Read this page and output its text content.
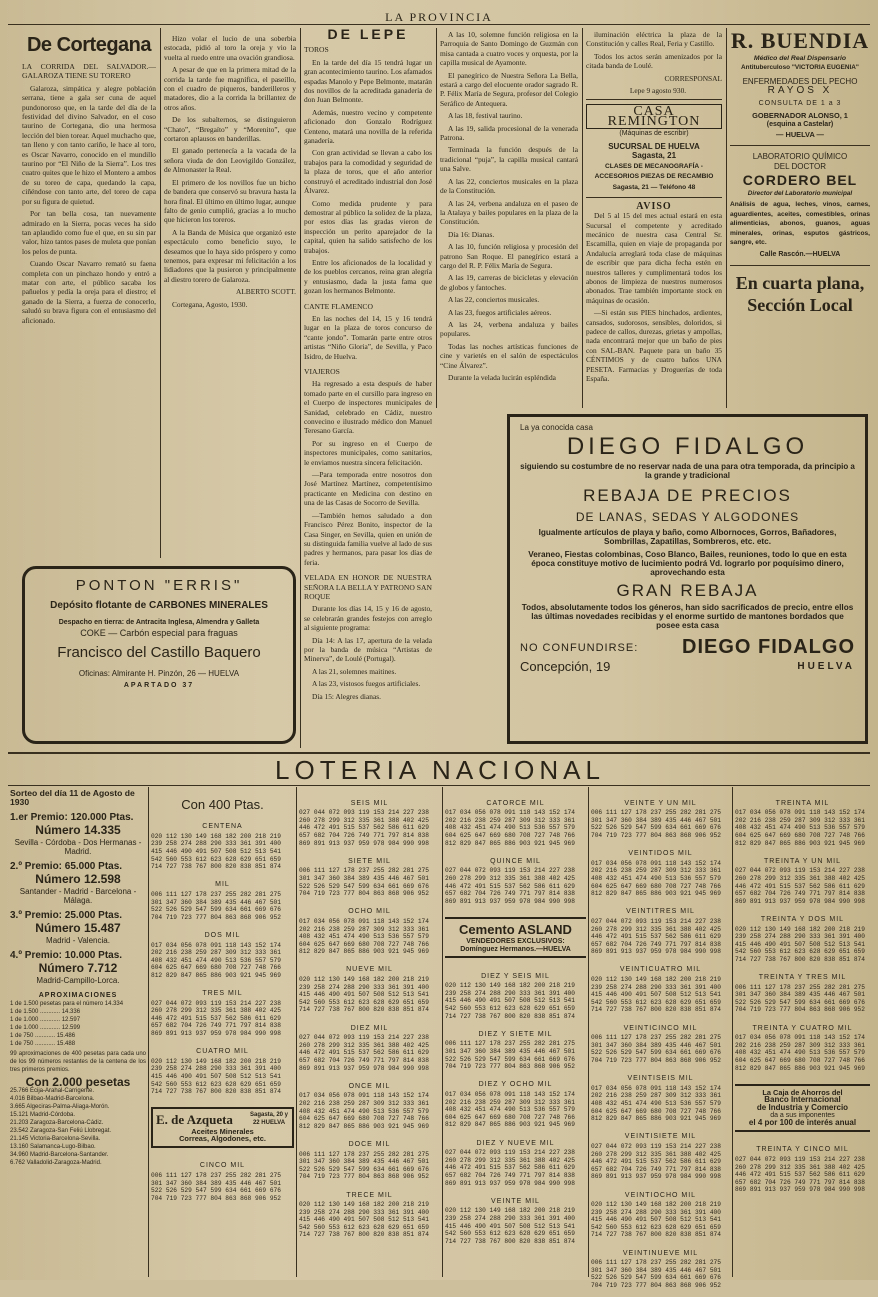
LA PROVINCIA
De Cortegana

LA CORRIDA DEL SALVADOR.— GALAROZA TIENE SU TORERO

Galaroza, simpática y alegre población serrana, tiene a gala ser cuna de aquel pundonoroso que, en la tarde del día de la festividad del divino Salvador, en el coso taurino de Cortegana, dio una hermosa lección del bien torear. Aquel muchacho que, tan lleno y con tanto cariño, le hace al toro, es Oscar Navarro, conocido en el mundillo taurino por “El Niño de la Sierra”. Los tres cuatro quites que le hizo el Montero a ambos de su toreo de capa, quedando la capa, ciñéndose con tanto arte, del toreo de capa por su figura de quietud.

Por tan bella cosa, tan nuevamente admirado en la Sierra, pocas veces ha sido tan aplaudido como fue el que, en su sin par valor, hizo tantos pases de muleta que ponían los pelos de punta.

Cuando Oscar Navarro remató su faena completa con un pinchazo hondo y entró a matar con arte, el público sacaba los pañuelos y pedía la oreja para el diestro; el ganado de la Sierra, a fuerza de conocerlo, saludó su brava figura con el entusiasmo del aficionado.

Hizo volar el lucio de una soberbia estocada, pidió al toro la oreja y vio la vuelta al ruedo entre una ovación grandiosa.

A pesar de que en la primera mitad de la corrida la tarde fue magnífica, el paseíllo, con el cuadro de piqueros, banderilleros y matadores, dio a la corrida la brillantez de otros años.

De los subalternos, se distinguieron “Chato”, “Bregaíto” y “Morenito”, que cortaron aplausos en banderillas.

El ganado pertenecía a la vacada de la señora viuda de don Leovigildo González, de Almonaster la Real.

El primero de los novillos fue un bicho de bandera que conservó su bravura hasta la hora final. El último en último lugar, aunque falto de genio cumplió, gracias a lo mucho que hicieron los toreros.

A la Banda de Música que organizó este espectáculo como beneficio suyo, le deseamos que lo haya sido próspero y como tenemos, para expresar mi felicitación a los lidiadores que la pusieron y principalmente al diestro torero de Galaroza.

ALBERTO SCOTT.

Cortegana, Agosto, 1930.

DE LEPE

TOROS

En la tarde del día 15 tendrá lugar un gran acontecimiento taurino. Los afamados espadas Manolo y Pepe Belmonte, matarán dos novillos de la acreditada ganadería de don Juan Belmonte.

Además, nuestro vecino y competente aficionado don Gonzalo Rodríguez Centeno, matará una novilla de la referida ganadería.

Con gran actividad se llevan a cabo los trabajos para la comodidad y seguridad de la plaza de toros, que el año anterior construyó el acreditado industrial don José Álvarez.

Como medida prudente y para demostrar al público la solidez de la plaza, por estos días las gradas vieron de inspección un perito aparejador de la capital, quien ha salido satisfecho de los trabajos.

Entre los aficionados de la localidad y de los pueblos cercanos, reina gran alegría y entusiasmo, dada la justa fama que gozan los hermanos Belmonte.

CANTE FLAMENCO

En las noches del 14, 15 y 16 tendrá lugar en la plaza de toros concurso de “cante jondo”. Tomarán parte entre otros artistas “Niño Gloria”, de Sevilla, y Paco Isidro, de Huelva.

VIAJEROS

Ha regresado a esta después de haber tomado parte en el cursillo para ingreso en el Cuerpo de inspectores municipales de Sanidad, celebrado en Cádiz, nuestro convecino e ilustrado médico don Manuel Teresano García.

Por su ingreso en el Cuerpo de inspectores municipales, como sanitarios, le enviamos nuestra sincera felicitación.

—Para temporada entre nosotros don José Martínez Martínez, competentísimo practicante en Medicina con destino en una de las Casas de Socorro de Sevilla.

—También hemos saludado a don Francisco Pérez Bonito, inspector de la Casa Singer, en Sevilla, quien en unión de su distinguida familia vuelve al lado de sus padres y hermanos, para pasar los días de feria.

VELADA EN HONOR DE NUESTRA SEÑORA LA BELLA Y PATRONO SAN ROQUE

Durante los días 14, 15 y 16 de agosto, se celebrarán grandes festejos con arreglo al siguiente programa:

Día 14: A las 17, apertura de la velada por la banda de música “Artistas de Minerva”, de Loulé (Portugal).

A las 21, solemnes maitines.

A las 23, vistosos fuegos artificiales.

Día 15: Alegres dianas.

A las 10, solemne función religiosa en la Parroquia de Santo Domingo de Guzmán con misa cantada a cuatro voces y orquesta, por la capilla musical de Ayamonte.

El panegírico de Nuestra Señora La Bella, estará a cargo del elocuente orador sagrado R. P. Félix María de Segura, profesor del Colegio Seráfico de Antequera.

A las 18, festival taurino.

A las 19, salida procesional de la venerada Patrona.

Terminada la función después de la tradicional “puja”, la capilla musical cantará una Salve.

A las 22, conciertos musicales en la plaza de la Constitución.

A las 24, verbena andaluza en el paseo de la Atalaya y bailes populares en la plaza de la Constitución.

Día 16: Dianas.

A las 10, función religiosa y procesión del patrono San Roque. El panegírico estará a cargo del R. P. Félix María de Segura.

A las 19, carreras de bicicletas y elevación de globos y fantoches.

A las 22, conciertos musicales.

A las 23, fuegos artificiales aéreos.

A las 24, verbena andaluza y bailes populares.

Todas las noches artísticas funciones de cine y varietés en el salón de espectáculos “Cine Álvarez”.

Durante la velada lucirán espléndida

iluminación eléctrica la plaza de la Constitución y calles Real, Feria y Castillo.

Todos los actos serán amenizados por la citada banda de Loulé.

CORRESPONSAL

Lepe 9 agosto 930.

CASA REMINGTON
(Máquinas de escribir)
SUCURSAL DE HUELVA
Sagasta, 21
CLASES DE MECANOGRAFÍA - ACCESORIOS PIEZAS DE RECAMBIO
Sagasta, 21 — Teléfono 48
AVISO

Del 5 al 15 del mes actual estará en esta Sucursal el competente y acreditado mecánico de nuestra casa Central Sr. Escamilla, quien en viaje de propaganda por Andalucía arreglará toda clase de máquinas de escribir que para dicha fecha estén en nuestros talleres y cumplimentará todos los abonos de limpieza de nuestros numerosos abonados. Trae también importante stock en máquinas de ocasión.

—Si están sus PIES hinchados, ardientes, cansados, sudorosos, sensibles, doloridos, si padece de callos, durezas, grietas y ampollas, nada encontrará mejor que un baño de pies con SAL-BAN. Paquete para un baño 35 CÉNTIMOS y de cuatro baños UNA PESETA. Farmacias y Droguerías de toda España.

R. BUENDIA
Médico del Real Dispensario
Antituberculoso "VICTORIA EUGENIA"
ENFERMEDADES DEL PECHO
RAYOS X
CONSULTA DE 1 a 3
GOBERNADOR ALONSO, 1
(esquina a Castelar)
— HUELVA —
LABORATORIO QUÍMICO
DEL DOCTOR
CORDERO BEL
Director del Laboratorio municipal
Análisis de agua, leches, vinos, carnes, aguardientes, aceites, comestibles, orinas alimenticias, abonos, guanos, aguas minerales, orinas, esputos gástricos, sangre, etc.
Calle Rascón.—HUELVA
En cuarta plana,
Sección Local
La ya conocida casa
DIEGO FIDALGO
siguiendo su costumbre de no reservar nada de una para otra temporada, da principio a la grande y tradicional
REBAJA DE PRECIOS
DE LANAS, SEDAS Y ALGODONES
Igualmente artículos de playa y baño, como Albornoces, Gorros, Bañadores, Sombrillas, Zapatillas, Sombreros, etc. etc.
Veraneo, Fiestas colombinas, Coso Blanco, Bailes, reuniones, todo lo que en esta época constituye motivo de lucimiento podrá Vd. lograrlo por poquísimo dinero, aprovechando esta
GRAN REBAJA
Todos, absolutamente todos los géneros, han sido sacrificados de precio, entre ellos las últimas novedades recibidas y el enorme surtido de mantones bordados que posee esta casa
NO CONFUNDIRSE: DIEGO FIDALGO
Concepción, 19	HUELVA
PONTON "ERRIS"
Depósito flotante de CARBONES MINERALES
Despacho en tierra: de Antracita Inglesa, Almendra y Galleta
COKE — Carbón especial para fraguas
Francisco del Castillo Baquero
Oficinas: Almirante H. Pinzón, 26 — HUELVA
APARTADO 37
LOTERIA NACIONAL
Sorteo del día 11 de Agosto de 1930
1.er Premio: 120.000 Ptas.
Número 14.335
Sevilla - Córdoba - Dos Hermanas - Madrid.
2.º Premio: 65.000 Ptas.
Número 12.598
Santander - Madrid - Barcelona - Málaga.
3.º Premio: 25.000 Ptas.
Número 15.487
Madrid - Valencia.
4.º Premio: 10.000 Ptas.
Número 7.712
Madrid-Campillo-Lorca.
APROXIMACIONES
1 de 1.500 pesetas para el número 14.334
1 de 1.500 ............ 14.336
1 de 1.000 ............ 12.597
1 de 1.000 ............ 12.599
1 de 750 ............ 15.486
1 de 750 ............ 15.488
99 aproximaciones de 400 pesetas para cada uno de los 99 números restantes de la centena de los tres primeros premios.
Con 2.000 pesetas
25.766 Écija-Arahal-Carrigente.
4.016 Bilbao-Madrid-Barcelona.
3.665 Algeciras-Palma-Aliaga-Morón.
15.121 Madrid-Córdoba.
21.203 Zaragoza-Barcelona-Cádiz.
23.542 Zaragoza-San Feliú Llobregat.
21.145 Victoria-Barcelona-Sevilla.
13.160 Salamanca-Lugo-Bilbao.
34.960 Madrid-Barcelona-Santander.
6.762 Valladolid-Zaragoza-Madrid.

Con 400 Ptas.

CENTENA
020 112 130 149 168 182 200 218 219
239 258 274 288 290 333 361 391 400
415 446 490 491 507 508 512 513 541
542 560 553 612 623 628 629 651 659
714 727 738 767 800 820 838 851 874

MIL
006 111 127 178 237 255 282 281 275
301 347 360 384 389 435 446 467 501
522 526 529 547 599 634 661 669 676
704 719 723 777 804 863 868 906 952

DOS MIL
017 034 056 078 091 118 143 152 174
202 216 238 259 287 309 312 333 361
408 432 451 474 490 513 536 557 579
604 625 647 669 680 708 727 748 766
812 829 847 865 886 903 921 945 969

TRES MIL
027 044 072 093 119 153 214 227 238
260 278 299 312 335 361 388 402 425
446 472 491 515 537 562 586 611 629
657 682 704 726 749 771 797 814 838
869 891 913 937 959 978 984 990 998

CUATRO MIL
020 112 130 149 168 182 200 218 219
239 258 274 288 290 333 361 391 400
415 446 490 491 507 508 512 513 541
542 560 553 612 623 628 629 651 659
714 727 738 767 800 820 838 851 874

E. de Azqueta	Sagasta, 20 y 22 HUELVA
Aceites Minerales
Correas, Algodones, etc.

CINCO MIL
006 111 127 178 237 255 282 281 275
301 347 360 384 389 435 446 467 501
522 526 529 547 599 634 661 669 676
704 719 723 777 804 863 868 906 952

SEIS MIL
027 044 072 093 119 153 214 227 238
260 278 299 312 335 361 388 402 425
446 472 491 515 537 562 586 611 629
657 682 704 726 749 771 797 814 838
869 891 913 937 959 978 984 990 998

SIETE MIL
006 111 127 178 237 255 282 281 275
301 347 360 384 389 435 446 467 501
522 526 529 547 599 634 661 669 676
704 719 723 777 804 863 868 906 952

OCHO MIL
017 034 056 078 091 118 143 152 174
202 216 238 259 287 309 312 333 361
408 432 451 474 490 513 536 557 579
604 625 647 669 680 708 727 748 766
812 829 847 865 886 903 921 945 969

NUEVE MIL
020 112 130 149 168 182 200 218 219
239 258 274 288 290 333 361 391 400
415 446 490 491 507 508 512 513 541
542 560 553 612 623 628 629 651 659
714 727 738 767 800 820 838 851 874

DIEZ MIL
027 044 072 093 119 153 214 227 238
260 278 299 312 335 361 388 402 425
446 472 491 515 537 562 586 611 629
657 682 704 726 749 771 797 814 838
869 891 913 937 959 978 984 990 998

ONCE MIL
017 034 056 078 091 118 143 152 174
202 216 238 259 287 309 312 333 361
408 432 451 474 490 513 536 557 579
604 625 647 669 680 708 727 748 766
812 829 847 865 886 903 921 945 969

DOCE MIL
006 111 127 178 237 255 282 281 275
301 347 360 384 389 435 446 467 501
522 526 529 547 599 634 661 669 676
704 719 723 777 804 863 868 906 952

TRECE MIL
020 112 130 149 168 182 200 218 219
239 258 274 288 290 333 361 391 400
415 446 490 491 507 508 512 513 541
542 560 553 612 623 628 629 651 659
714 727 738 767 800 820 838 851 874

CATORCE MIL
017 034 056 078 091 118 143 152 174
202 216 238 259 287 309 312 333 361
408 432 451 474 490 513 536 557 579
604 625 647 669 680 708 727 748 766
812 829 847 865 886 903 921 945 969

QUINCE MIL
027 044 072 093 119 153 214 227 238
260 278 299 312 335 361 388 402 425
446 472 491 515 537 562 586 611 629
657 682 704 726 749 771 797 814 838
869 891 913 937 959 978 984 990 998

Cemento ASLAND
VENDEDORES EXCLUSIVOS:
Domínguez Hermanos.—HUELVA

DIEZ Y SEIS MIL
020 112 130 149 168 182 200 218 219
239 258 274 288 290 333 361 391 400
415 446 490 491 507 508 512 513 541
542 560 553 612 623 628 629 651 659
714 727 738 767 800 820 838 851 874

DIEZ Y SIETE MIL
006 111 127 178 237 255 282 281 275
301 347 360 384 389 435 446 467 501
522 526 529 547 599 634 661 669 676
704 719 723 777 804 863 868 906 952

DIEZ Y OCHO MIL
017 034 056 078 091 118 143 152 174
202 216 238 259 287 309 312 333 361
408 432 451 474 490 513 536 557 579
604 625 647 669 680 708 727 748 766
812 829 847 865 886 903 921 945 969

DIEZ Y NUEVE MIL
027 044 072 093 119 153 214 227 238
260 278 299 312 335 361 388 402 425
446 472 491 515 537 562 586 611 629
657 682 704 726 749 771 797 814 838
869 891 913 937 959 978 984 990 998

VEINTE MIL
020 112 130 149 168 182 200 218 219
239 258 274 288 290 333 361 391 400
415 446 490 491 507 508 512 513 541
542 560 553 612 623 628 629 651 659
714 727 738 767 800 820 838 851 874

VEINTE Y UN MIL
006 111 127 178 237 255 282 281 275
301 347 360 384 389 435 446 467 501
522 526 529 547 599 634 661 669 676
704 719 723 777 804 863 868 906 952

VEINTIDOS MIL
017 034 056 078 091 118 143 152 174
202 216 238 259 287 309 312 333 361
408 432 451 474 490 513 536 557 579
604 625 647 669 680 708 727 748 766
812 829 847 865 886 903 921 945 969

VEINTITRES MIL
027 044 072 093 119 153 214 227 238
260 278 299 312 335 361 388 402 425
446 472 491 515 537 562 586 611 629
657 682 704 726 749 771 797 814 838
869 891 913 937 959 978 984 990 998

VEINTICUATRO MIL
020 112 130 149 168 182 200 218 219
239 258 274 288 290 333 361 391 400
415 446 490 491 507 508 512 513 541
542 560 553 612 623 628 629 651 659
714 727 738 767 800 820 838 851 874

VEINTICINCO MIL
006 111 127 178 237 255 282 281 275
301 347 360 384 389 435 446 467 501
522 526 529 547 599 634 661 669 676
704 719 723 777 804 863 868 906 952

VEINTISEIS MIL
017 034 056 078 091 118 143 152 174
202 216 238 259 287 309 312 333 361
408 432 451 474 490 513 536 557 579
604 625 647 669 680 708 727 748 766
812 829 847 865 886 903 921 945 969

VEINTISIETE MIL
027 044 072 093 119 153 214 227 238
260 278 299 312 335 361 388 402 425
446 472 491 515 537 562 586 611 629
657 682 704 726 749 771 797 814 838
869 891 913 937 959 978 984 990 998

VEINTIOCHO MIL
020 112 130 149 168 182 200 218 219
239 258 274 288 290 333 361 391 400
415 446 490 491 507 508 512 513 541
542 560 553 612 623 628 629 651 659
714 727 738 767 800 820 838 851 874

VEINTINUEVE MIL
006 111 127 178 237 255 282 281 275
301 347 360 384 389 435 446 467 501
522 526 529 547 599 634 661 669 676
704 719 723 777 804 863 868 906 952

TREINTA MIL
017 034 056 078 091 118 143 152 174
202 216 238 259 287 309 312 333 361
408 432 451 474 490 513 536 557 579
604 625 647 669 680 708 727 748 766
812 829 847 865 886 903 921 945 969

TREINTA Y UN MIL
027 044 072 093 119 153 214 227 238
260 278 299 312 335 361 388 402 425
446 472 491 515 537 562 586 611 629
657 682 704 726 749 771 797 814 838
869 891 913 937 959 978 984 990 998

TREINTA Y DOS MIL
020 112 130 149 168 182 200 218 219
239 258 274 288 290 333 361 391 400
415 446 490 491 507 508 512 513 541
542 560 553 612 623 628 629 651 659
714 727 738 767 800 820 838 851 874

TREINTA Y TRES MIL
006 111 127 178 237 255 282 281 275
301 347 360 384 389 435 446 467 501
522 526 529 547 599 634 661 669 676
704 719 723 777 804 863 868 906 952

TREINTA Y CUATRO MIL
017 034 056 078 091 118 143 152 174
202 216 238 259 287 309 312 333 361
408 432 451 474 490 513 536 557 579
604 625 647 669 680 708 727 748 766
812 829 847 865 886 903 921 945 969

La Caja de Ahorros del
Banco Internacional
de Industria y Comercio
da a sus imponentes
el 4 por 100 de interés anual

TREINTA Y CINCO MIL
027 044 072 093 119 153 214 227 238
260 278 299 312 335 361 388 402 425
446 472 491 515 537 562 586 611 629
657 682 704 726 749 771 797 814 838
869 891 913 937 959 978 984 990 998
